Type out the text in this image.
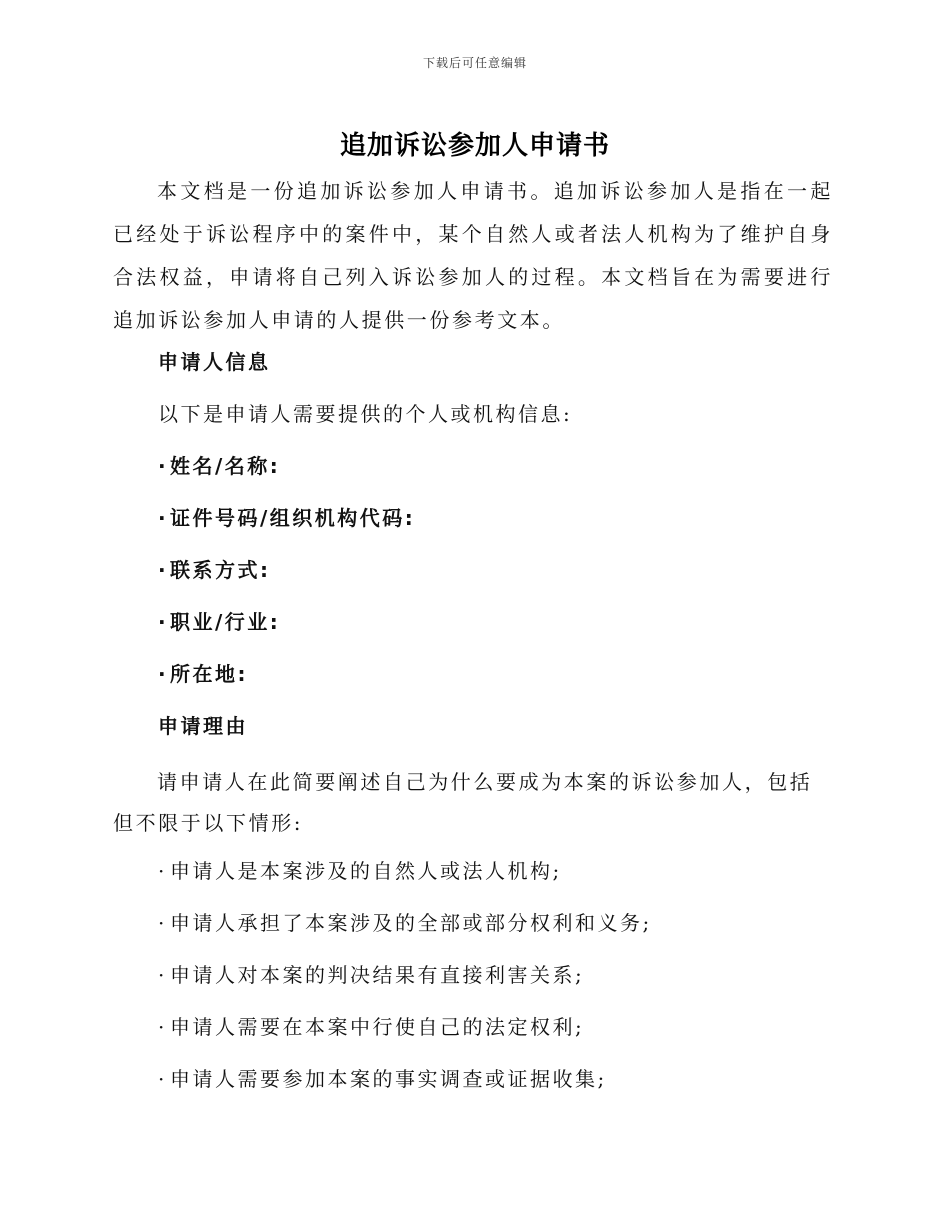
下载后可任意编辑
追加诉讼参加人申请书

本文档是一份追加诉讼参加人申请书。追加诉讼参加人是指在一起已经处于诉讼程序中的案件中，某个自然人或者法人机构为了维护自身合法权益，申请将自己列入诉讼参加人的过程。本文档旨在为需要进行追加诉讼参加人申请的人提供一份参考文本。

申请人信息

以下是申请人需要提供的个人或机构信息:

· 姓名/名称:

· 证件号码/组织机构代码:

· 联系方式:

· 职业/行业:

· 所在地:

申请理由

请申请人在此简要阐述自己为什么要成为本案的诉讼参加人，包括但不限于以下情形:

· 申请人是本案涉及的自然人或法人机构;

· 申请人承担了本案涉及的全部或部分权利和义务;

· 申请人对本案的判决结果有直接利害关系;

· 申请人需要在本案中行使自己的法定权利;

· 申请人需要参加本案的事实调查或证据收集;
